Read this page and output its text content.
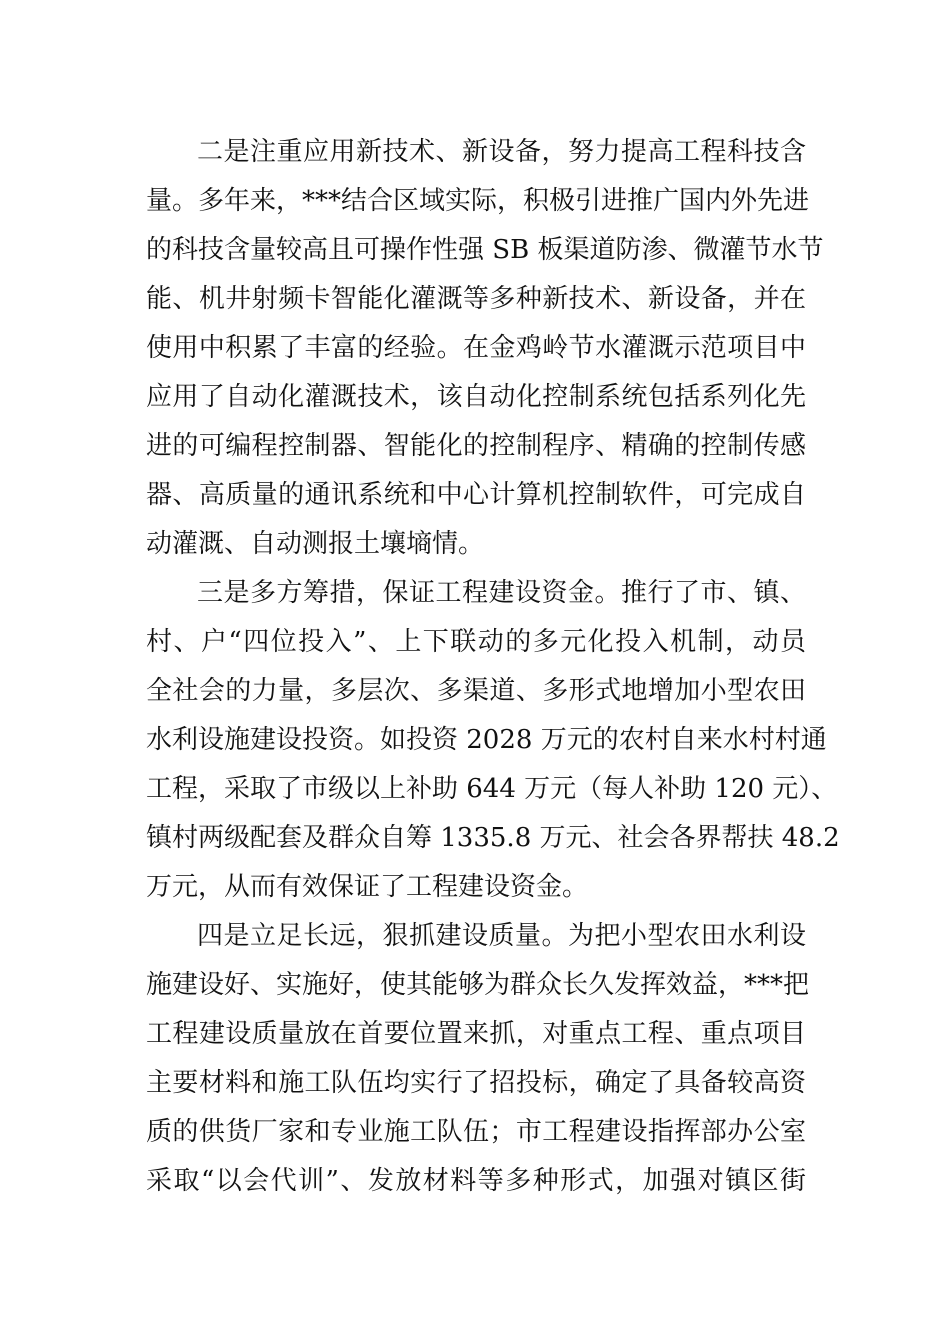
二是注重应用新技术、新设备，努力提高工程科技含
量。多年来，***结合区域实际，积极引进推广国内外先进
的科技含量较高且可操作性强 SB 板渠道防渗、微灌节水节
能、机井射频卡智能化灌溉等多种新技术、新设备，并在
使用中积累了丰富的经验。在金鸡岭节水灌溉示范项目中
应用了自动化灌溉技术，该自动化控制系统包括系列化先
进的可编程控制器、智能化的控制程序、精确的控制传感
器、高质量的通讯系统和中心计算机控制软件，可完成自
动灌溉、自动测报土壤墒情。
三是多方筹措，保证工程建设资金。推行了市、镇、
村、户“四位投入”、上下联动的多元化投入机制，动员
全社会的力量，多层次、多渠道、多形式地增加小型农田
水利设施建设投资。如投资 2028 万元的农村自来水村村通
工程，采取了市级以上补助 644 万元（每人补助 120 元）、
镇村两级配套及群众自筹 1335.8 万元、社会各界帮扶 48.2
万元，从而有效保证了工程建设资金。
四是立足长远，狠抓建设质量。为把小型农田水利设
施建设好、实施好，使其能够为群众长久发挥效益，***把
工程建设质量放在首要位置来抓，对重点工程、重点项目
主要材料和施工队伍均实行了招投标，确定了具备较高资
质的供货厂家和专业施工队伍；市工程建设指挥部办公室
采取“以会代训”、发放材料等多种形式，加强对镇区街
